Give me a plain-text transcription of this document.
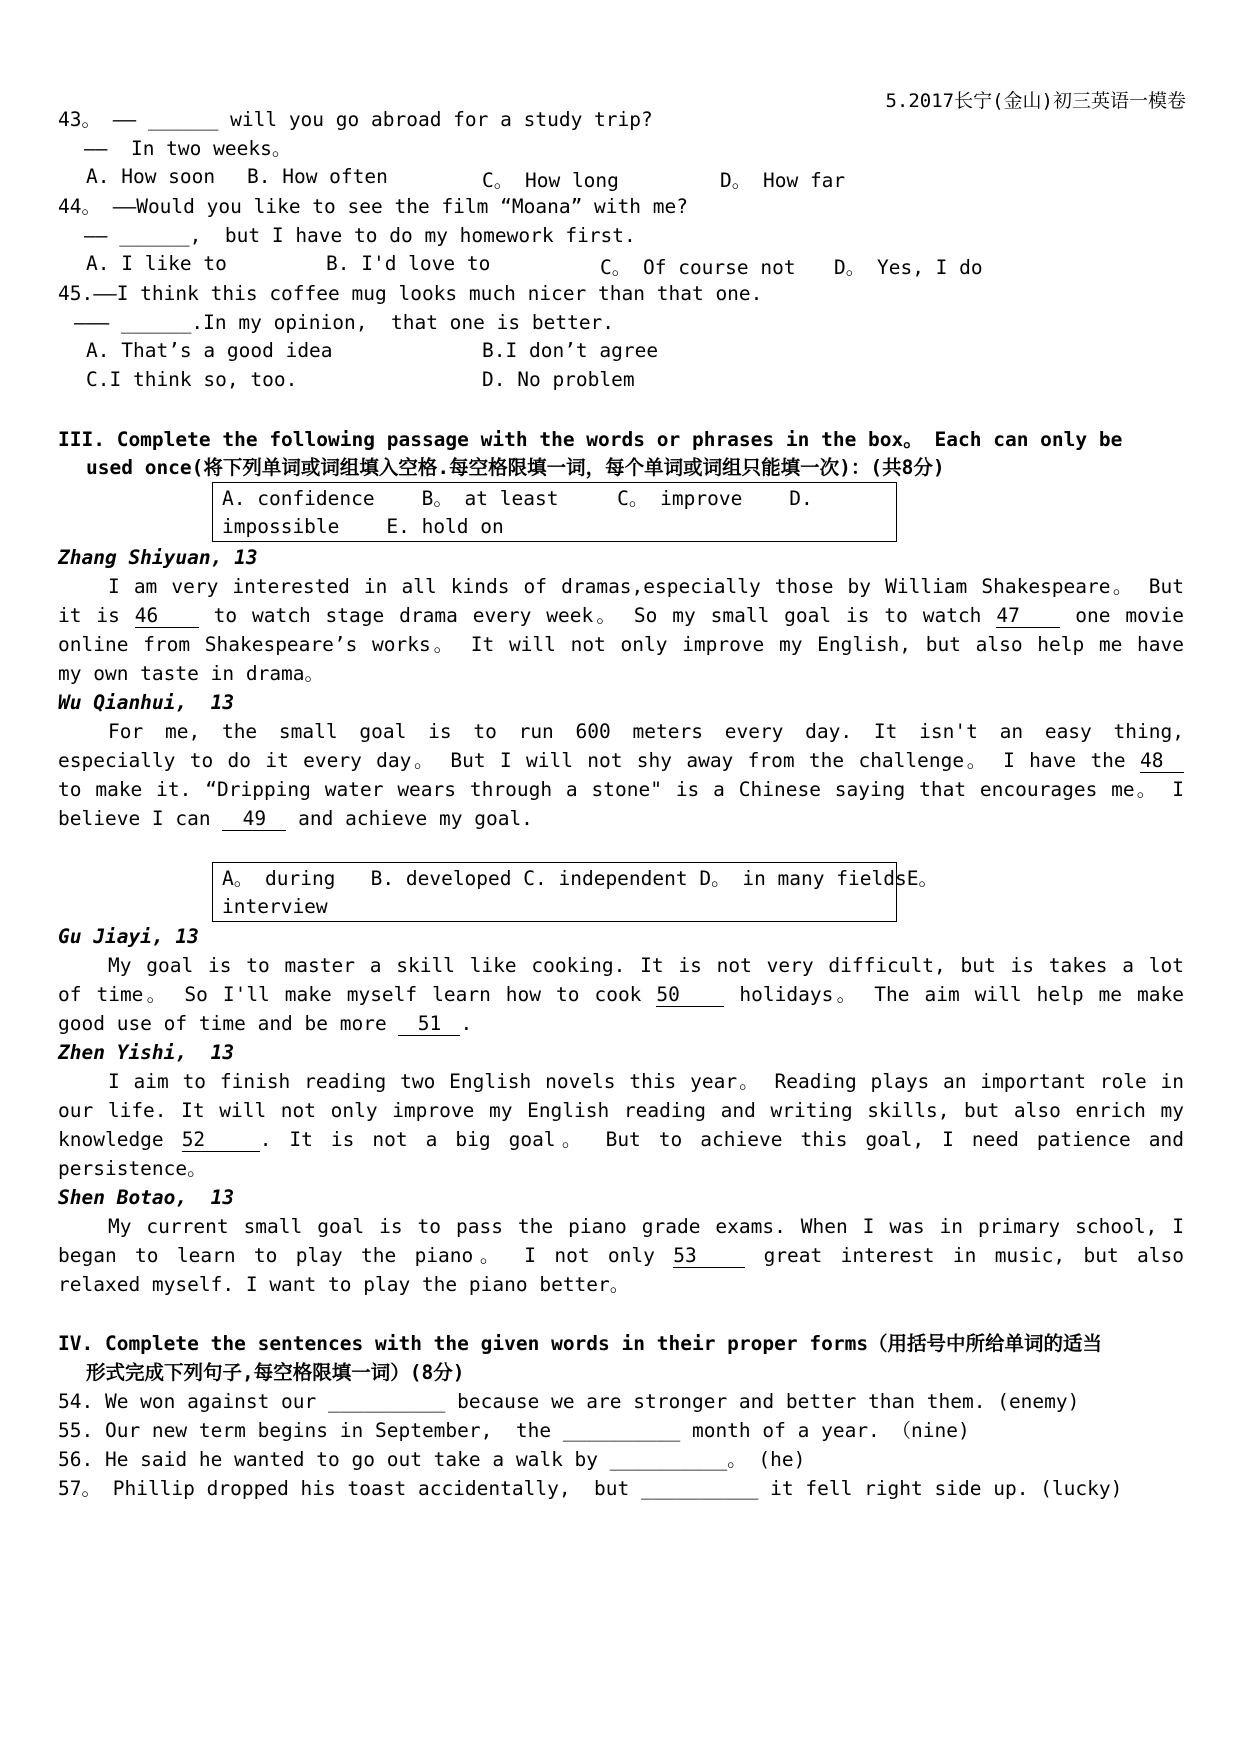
5.2017长宁(金山)初三英语一模卷
43。 —— ______ will you go abroad for a study trip?
——  In two weeks。
A. How soon B. How often	C。 How long	D。 How far
44。 ——Would you like to see the film “Moana” with me?
—— ______,  but I have to do my homework first.
A. I like to	B. I'd love to	C。 Of course not D。 Yes, I do
45.——I think this coffee mug looks much nicer than that one.
——— ______.In my opinion,  that one is better.
A. That’s a good idea	B.I don’t agree
C.I think so, too.	D. No problem
III. Complete the following passage with the words or phrases in the box。 Each can only be
used once(将下列单词或词组填入空格.每空格限填一词，每个单词或词组只能填一次)：(共8分)
A. confidence    B。 at least     C。 improve    D.
impossible    E. hold on
Zhang Shiyuan, 13
I am very interested in all kinds of dramas,especially those by William Shakespeare。 But
it is 46	to watch stage drama every week。 So my small goal is to watch 47	one movie
online from Shakespeare’s works。 It will not only improve my English, but also help me have
my own taste in drama。
Wu Qianhui,  13
For me, the small goal is to run 600 meters every day. It isn't an easy thing,
especially to do it every day。 But I will not shy away from the challenge。 I have the 48
to make it. “Dripping water wears through a stone" is a Chinese saying that encourages me。 I
believe I can 49 and achieve my goal.
A。 during   B. developed C. independent D。 in many fieldsE。
interview
Gu Jiayi, 13
My goal is to master a skill like cooking. It is not very difficult, but is takes a lot
of time。 So I'll make myself learn how to cook 50	holidays。 The aim will help me make
good use of time and be more 51 .
Zhen Yishi,  13
I aim to finish reading two English novels this year。 Reading plays an important role in
our life. It will not only improve my English reading and writing skills, but also enrich my
knowledge 52	. It is not a big goal。 But to achieve this goal, I need patience and
persistence。
Shen Botao,  13
My current small goal is to pass the piano grade exams. When I was in primary school, I
began to learn to play the piano。 I not only 53	great interest in music, but also
relaxed myself. I want to play the piano better。
IV. Complete the sentences with the given words in their proper forms（用括号中所给单词的适当
形式完成下列句子,每空格限填一词）(8分)
54. We won against our __________ because we are stronger and better than them. (enemy)
55. Our new term begins in September,  the __________ month of a year. （nine)
56. He said he wanted to go out take a walk by __________。 (he)
57。 Phillip dropped his toast accidentally,  but __________ it fell right side up. (lucky)
